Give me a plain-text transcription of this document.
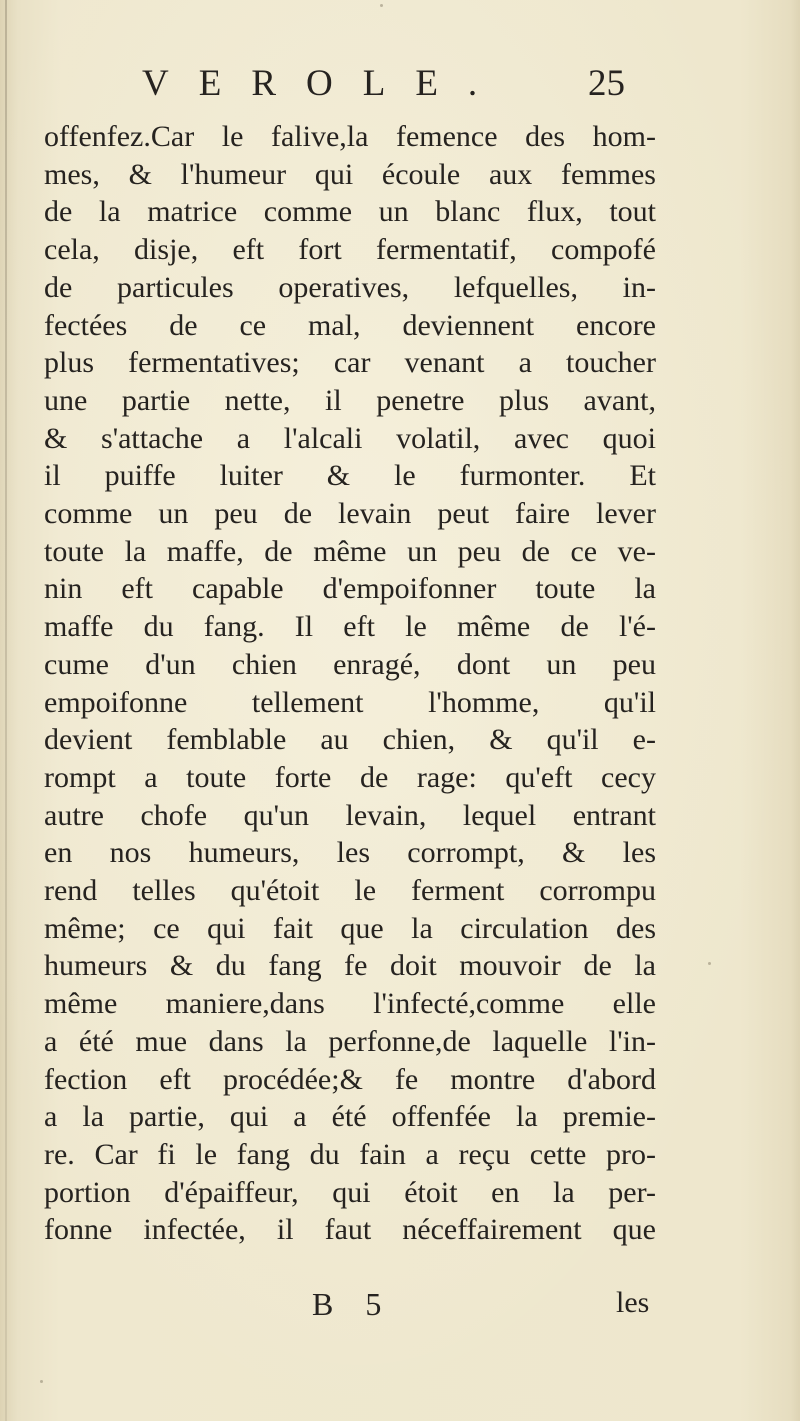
VEROLE. 25
offenfez.Car le falive,la femence des hom-
mes, & l'humeur qui écoule aux femmes
de la matrice comme un blanc flux, tout
cela, disje, eft fort fermentatif, compofé
de particules operatives, lefquelles, in-
fectées de ce mal, deviennent encore
plus fermentatives; car venant a toucher
une partie nette, il penetre plus avant,
& s'attache a l'alcali volatil, avec quoi
il puiffe luiter & le furmonter. Et
comme un peu de levain peut faire lever
toute la maffe, de même un peu de ce ve-
nin eft capable d'empoifonner toute la
maffe du fang. Il eft le même de l'é-
cume d'un chien enragé, dont un peu
empoifonne tellement l'homme, qu'il
devient femblable au chien, & qu'il e-
rompt a toute forte de rage: qu'eft cecy
autre chofe qu'un levain, lequel entrant
en nos humeurs, les corrompt, & les
rend telles qu'étoit le ferment corrompu
même; ce qui fait que la circulation des
humeurs & du fang fe doit mouvoir de la
même maniere,dans l'infecté,comme elle
a été mue dans la perfonne,de laquelle l'in-
fection eft procédée;& fe montre d'abord
a la partie, qui a été offenfée la premie-
re. Car fi le fang du fain a reçu cette pro-
portion d'épaiffeur, qui étoit en la per-
fonne infectée, il faut néceffairement que
B 5	les
